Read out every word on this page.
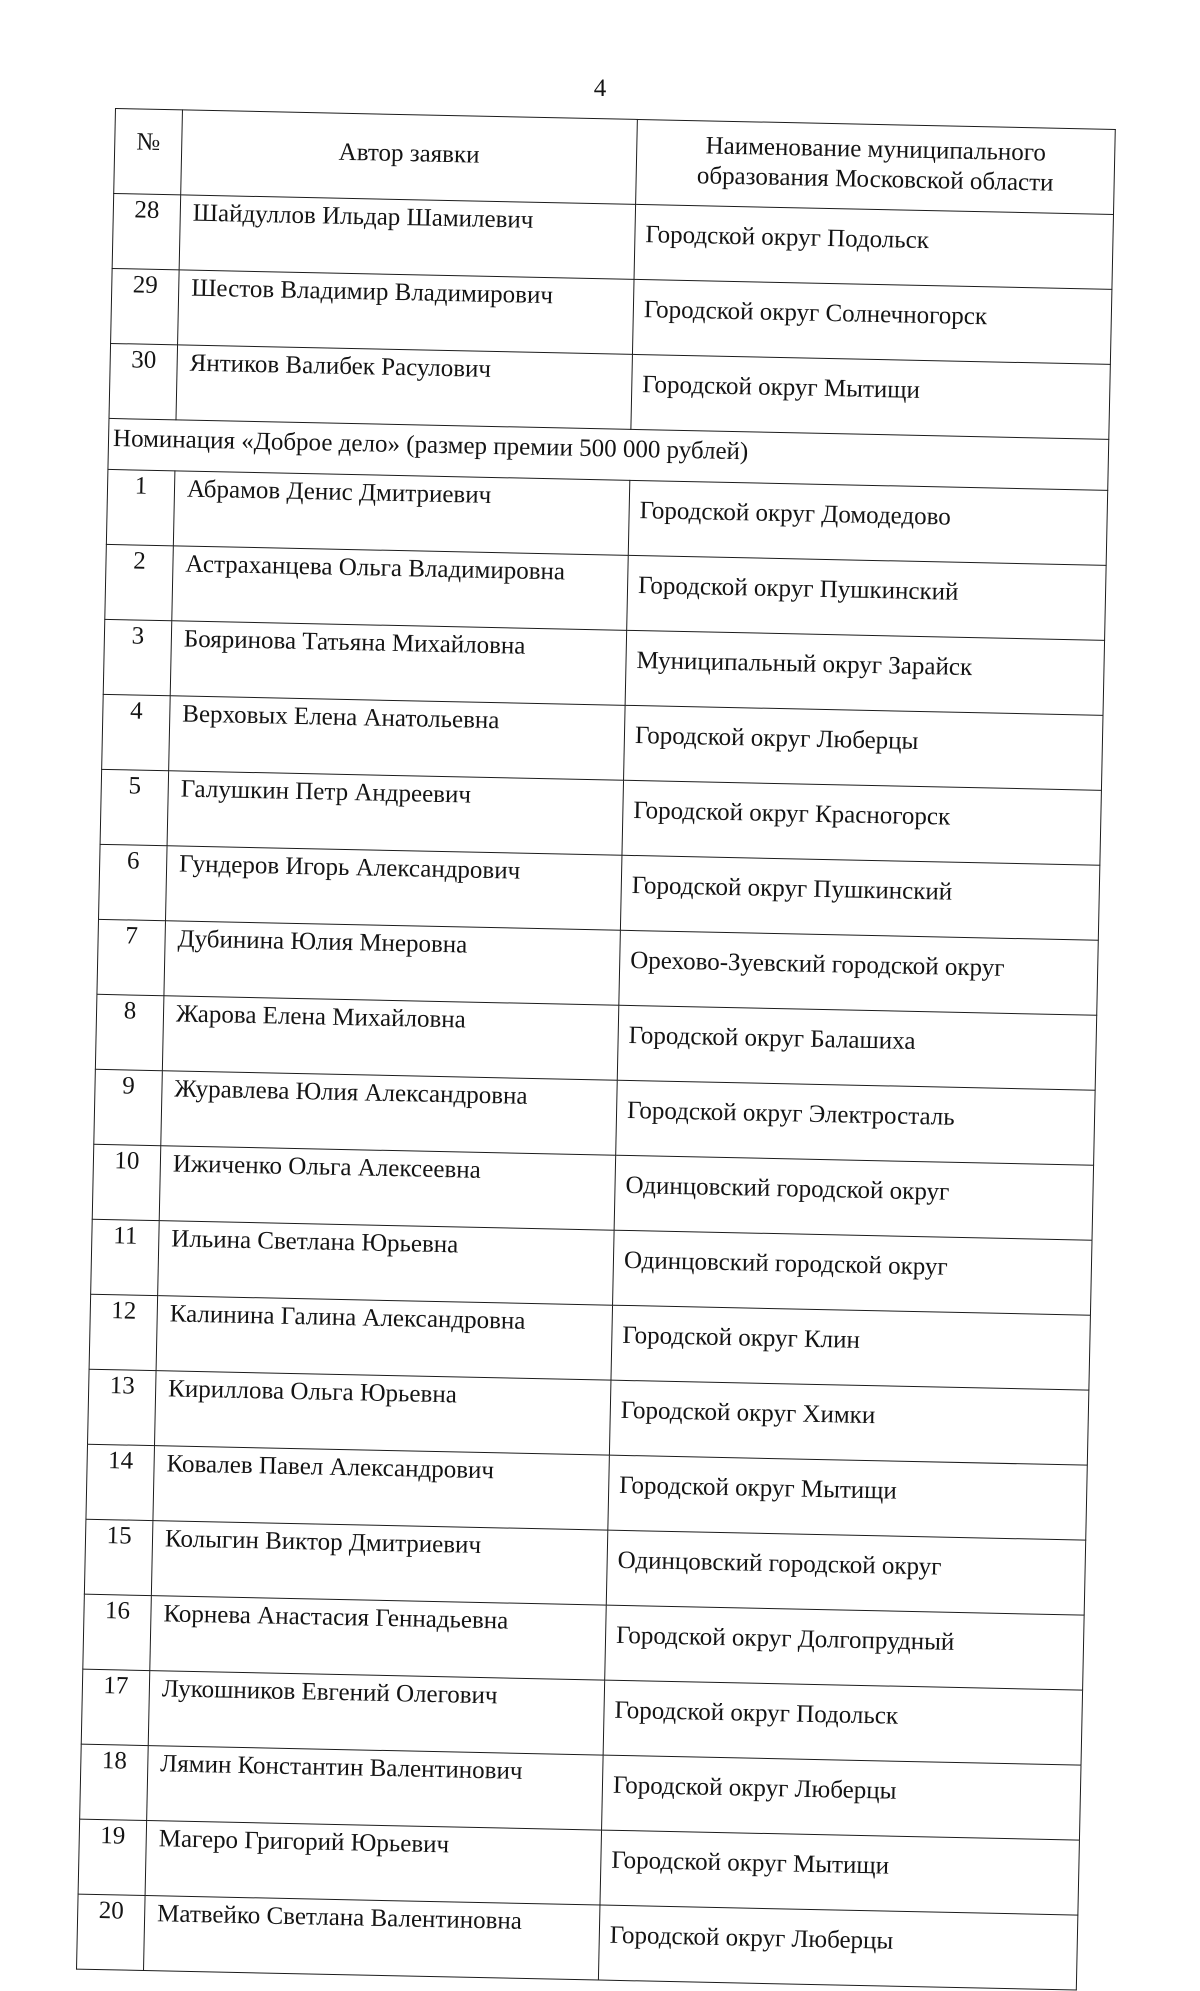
4
№	Автор заявки	Наименование муниципального
образования Московской области
28	Шайдуллов Ильдар Шамилевич	Городской округ Подольск
29	Шестов Владимир Владимирович	Городской округ Солнечногорск
30	Янтиков Валибек Расулович	Городской округ Мытищи
Номинация «Доброе дело» (размер премии 500 000 рублей)		
1	Абрамов Денис Дмитриевич	Городской округ Домодедово
2	Астраханцева Ольга Владимировна	Городской округ Пушкинский
3	Бояринова Татьяна Михайловна	Муниципальный округ Зарайск
4	Верховых Елена Анатольевна	Городской округ Люберцы
5	Галушкин Петр Андреевич	Городской округ Красногорск
6	Гундеров Игорь Александрович	Городской округ Пушкинский
7	Дубинина Юлия Мнеровна	Орехово-Зуевский городской округ
8	Жарова Елена Михайловна	Городской округ Балашиха
9	Журавлева Юлия Александровна	Городской округ Электросталь
10	Ижиченко Ольга Алексеевна	Одинцовский городской округ
11	Ильина Светлана Юрьевна	Одинцовский городской округ
12	Калинина Галина Александровна	Городской округ Клин
13	Кириллова Ольга Юрьевна	Городской округ Химки
14	Ковалев Павел Александрович	Городской округ Мытищи
15	Колыгин Виктор Дмитриевич	Одинцовский городской округ
16	Корнева Анастасия Геннадьевна	Городской округ Долгопрудный
17	Лукошников Евгений Олегович	Городской округ Подольск
18	Лямин Константин Валентинович	Городской округ Люберцы
19	Магеро Григорий Юрьевич	Городской округ Мытищи
20	Матвейко Светлана Валентиновна	Городской округ Люберцы
